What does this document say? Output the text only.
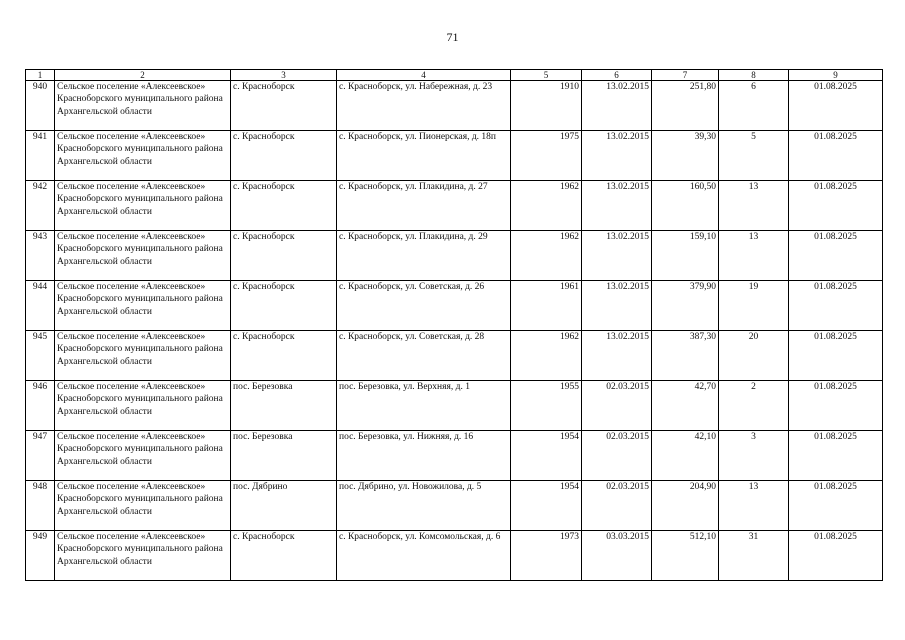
71
1	2	3	4	5	6	7	8	9
940	Сельское поселение «Алексеевское» Красноборского муниципального района Архангельской области	с. Красноборск	с. Красноборск, ул. Набережная, д. 23	1910	13.02.2015	251,80	6	01.08.2025
941	Сельское поселение «Алексеевское» Красноборского муниципального района Архангельской области	с. Красноборск	с. Красноборск, ул. Пионерская, д. 18п	1975	13.02.2015	39,30	5	01.08.2025
942	Сельское поселение «Алексеевское» Красноборского муниципального района Архангельской области	с. Красноборск	с. Красноборск, ул. Плакидина, д. 27	1962	13.02.2015	160,50	13	01.08.2025
943	Сельское поселение «Алексеевское» Красноборского муниципального района Архангельской области	с. Красноборск	с. Красноборск, ул. Плакидина, д. 29	1962	13.02.2015	159,10	13	01.08.2025
944	Сельское поселение «Алексеевское» Красноборского муниципального района Архангельской области	с. Красноборск	с. Красноборск, ул. Советская, д. 26	1961	13.02.2015	379,90	19	01.08.2025
945	Сельское поселение «Алексеевское» Красноборского муниципального района Архангельской области	с. Красноборск	с. Красноборск, ул. Советская, д. 28	1962	13.02.2015	387,30	20	01.08.2025
946	Сельское поселение «Алексеевское» Красноборского муниципального района Архангельской области	пос. Березовка	пос. Березовка, ул. Верхняя, д. 1	1955	02.03.2015	42,70	2	01.08.2025
947	Сельское поселение «Алексеевское» Красноборского муниципального района Архангельской области	пос. Березовка	пос. Березовка, ул. Нижняя, д. 16	1954	02.03.2015	42,10	3	01.08.2025
948	Сельское поселение «Алексеевское» Красноборского муниципального района Архангельской области	пос. Дябрино	пос. Дябрино, ул. Новожилова, д. 5	1954	02.03.2015	204,90	13	01.08.2025
949	Сельское поселение «Алексеевское» Красноборского муниципального района Архангельской области	с. Красноборск	с. Красноборск, ул. Комсомольская, д. 6	1973	03.03.2015	512,10	31	01.08.2025
